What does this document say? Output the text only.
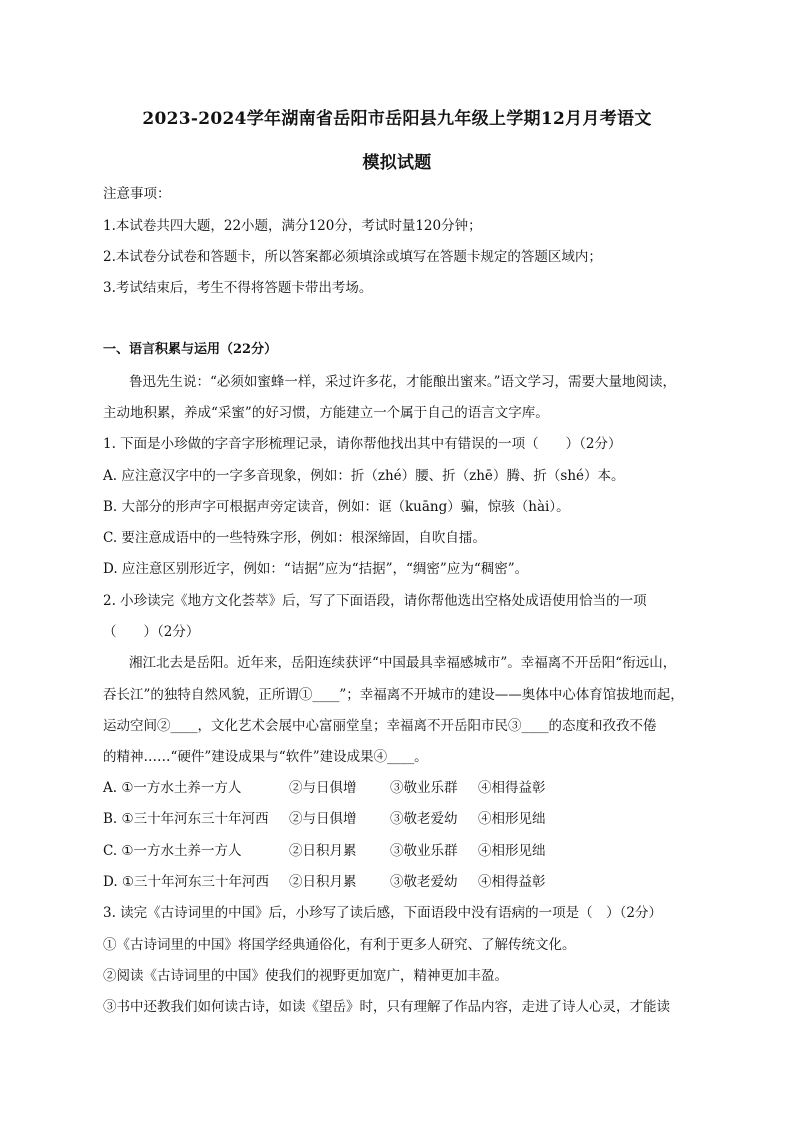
2023-2024学年湖南省岳阳市岳阳县九年级上学期12月月考语文
模拟试题
注意事项：
1.本试卷共四大题，22小题，满分120分，考试时量120分钟；
2.本试卷分试卷和答题卡，所以答案都必须填涂或填写在答题卡规定的答题区域内；
3.考试结束后，考生不得将答题卡带出考场。
一、语言积累与运用（22分）
鲁迅先生说：“必须如蜜蜂一样，采过许多花，才能酿出蜜来。”语文学习，需要大量地阅读，
主动地积累，养成“采蜜”的好习惯，方能建立一个属于自己的语言文字库。
1. 下面是小珍做的字音字形梳理记录，请你帮他找出其中有错误的一项（　　）（2分）
A. 应注意汉字中的一字多音现象，例如：折（zhé）腰、折（zhē）腾、折（shé）本。
B. 大部分的形声字可根据声旁定读音，例如：诓（kuāng）骗，惊骇（hài）。
C. 要注意成语中的一些特殊字形，例如：根深缔固，自吹自擂。
D. 应注意区别形近字，例如：“诘据”应为“拮据”，“绸密”应为“稠密”。
2. 小珍读完《地方文化荟萃》后，写了下面语段，请你帮他选出空格处成语使用恰当的一项
（　　）（2分）
湘江北去是岳阳。近年来，岳阳连续获评“中国最具幸福感城市”。幸福离不开岳阳“衔远山，
吞长江”的独特自然风貌，正所谓①____”；幸福离不开城市的建设——奥体中心体育馆拔地而起，
运动空间②____，文化艺术会展中心富丽堂皇；幸福离不开岳阳市民③____的态度和孜孜不倦
的精神……“硬件”建设成果与“软件”建设成果④____。
A. ①一方水土养一方人	②与日俱增 ③敬业乐群 ④相得益彰
B. ①三十年河东三十年河西 ②与日俱增 ③敬老爱幼 ④相形见绌
C. ①一方水土养一方人	②日积月累 ③敬业乐群 ④相形见绌
D. ①三十年河东三十年河西 ②日积月累 ③敬老爱幼 ④相得益彰
3. 读完《古诗词里的中国》后，小珍写了读后感，下面语段中没有语病的一项是（　）（2分）
①《古诗词里的中国》将国学经典通俗化，有利于更多人研究、了解传统文化。
②阅读《古诗词里的中国》使我们的视野更加宽广，精神更加丰盈。
③书中还教我们如何读古诗，如读《望岳》时，只有理解了作品内容，走进了诗人心灵，才能读
